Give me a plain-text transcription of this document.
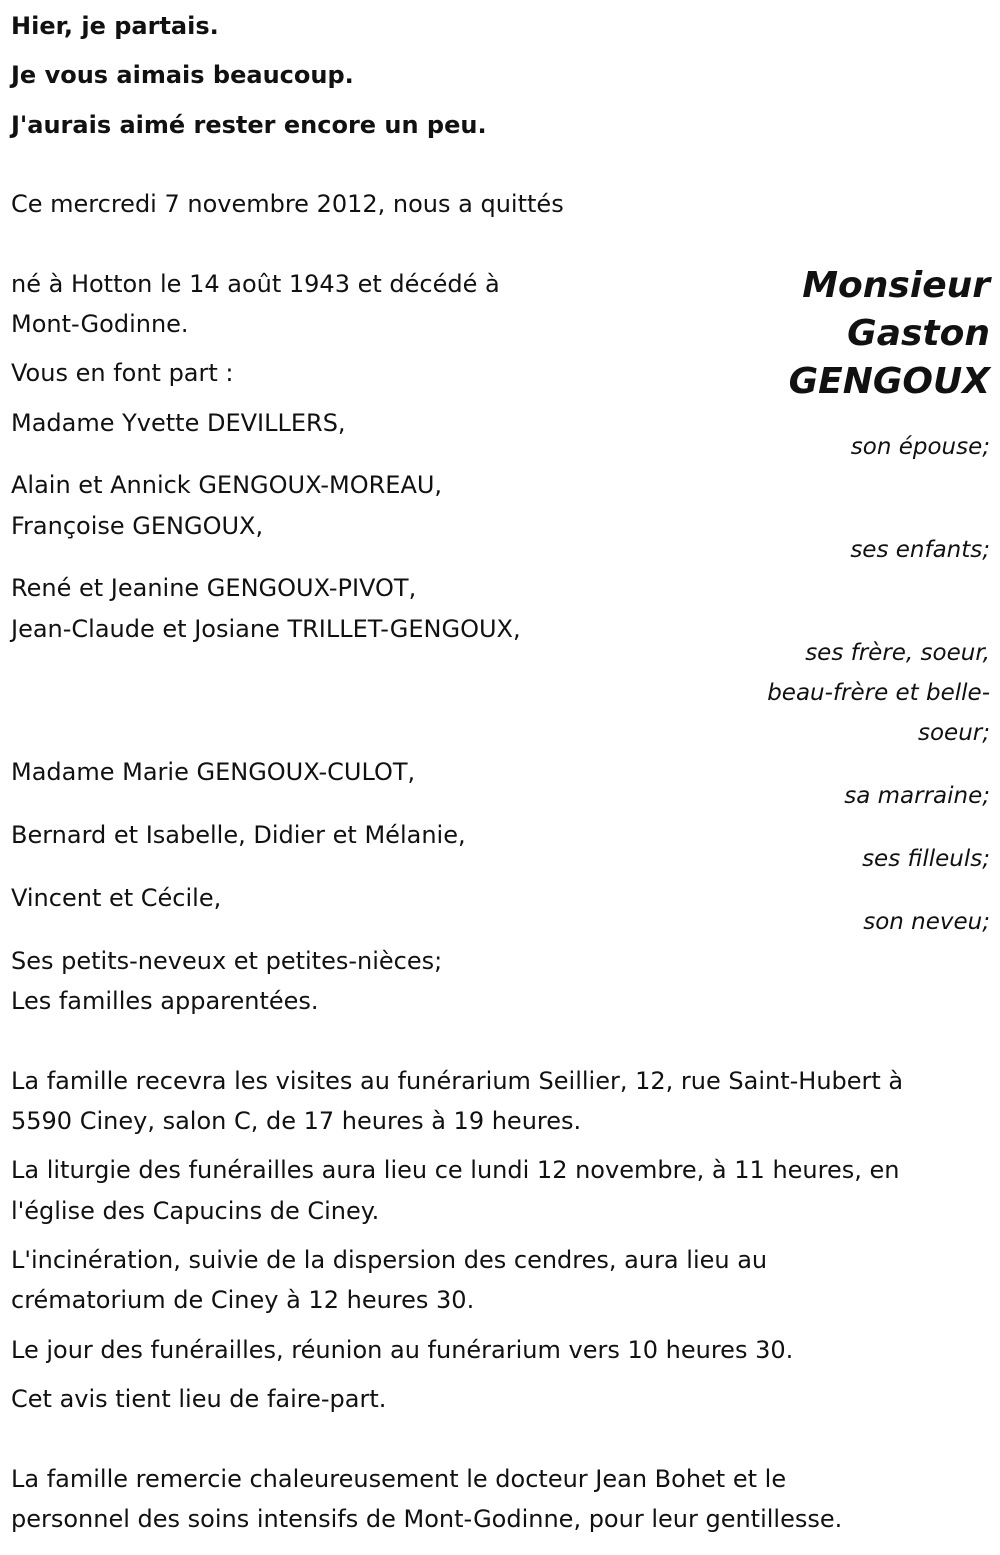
Hier, je partais.

Je vous aimais beaucoup.

J'aurais aimé rester encore un peu.

Ce mercredi 7 novembre 2012, nous a quittés

Monsieur
Gaston
GENGOUX

né à Hotton le 14 août 1943 et décédé à

Mont-Godinne.

Vous en font part :

Madame Yvette DEVILLERS,

son épouse;

Alain et Annick GENGOUX-MOREAU,

Françoise GENGOUX,

ses enfants;

René et Jeanine GENGOUX-PIVOT,

Jean-Claude et Josiane TRILLET-GENGOUX,

ses frère, soeur,
beau-frère et belle-
soeur;

Madame Marie GENGOUX-CULOT,

sa marraine;

Bernard et Isabelle, Didier et Mélanie,

ses filleuls;

Vincent et Cécile,

son neveu;

Ses petits-neveux et petites-nièces;

Les familles apparentées.

La famille recevra les visites au funérarium Seillier, 12, rue Saint-Hubert à

5590 Ciney, salon C, de 17 heures à 19 heures.

La liturgie des funérailles aura lieu ce lundi 12 novembre, à 11 heures, en

l'église des Capucins de Ciney.

L'incinération, suivie de la dispersion des cendres, aura lieu au

crématorium de Ciney à 12 heures 30.

Le jour des funérailles, réunion au funérarium vers 10 heures 30.

Cet avis tient lieu de faire-part.

La famille remercie chaleureusement le docteur Jean Bohet et le

personnel des soins intensifs de Mont-Godinne, pour leur gentillesse.
